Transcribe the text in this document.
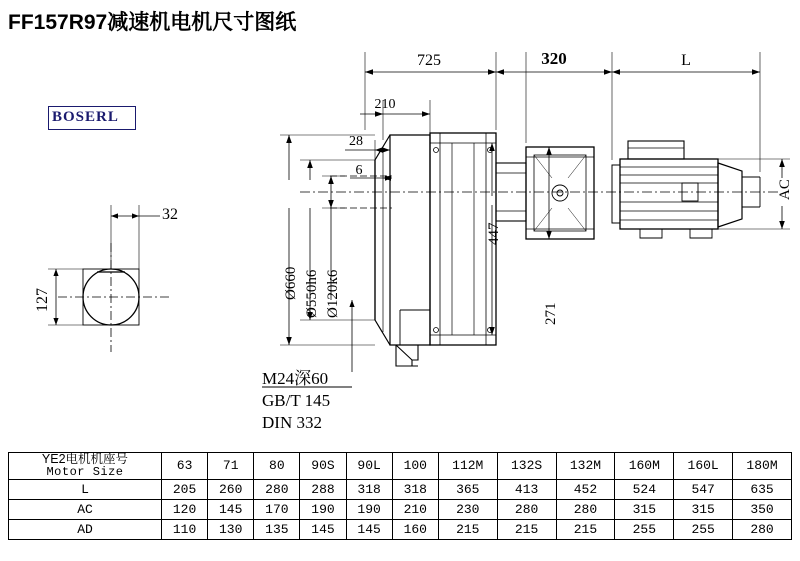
FF157R97减速机电机尺寸图纸
BOSERL
725	320	L
210
28
6
32
127	Ø660 Ø550h6 Ø120k6
447
271
AC
M24深60
GB/T 145
DIN 332
YE2电机机座号
Motor Size	63	71	80	90S	90L	100	112M	132S	132M	160M	160L	180M
L	205	260	280	288	318	318	365	413	452	524	547	635
AC	120	145	170	190	190	210	230	280	280	315	315	350
AD	110	130	135	145	145	160	215	215	215	255	255	280
